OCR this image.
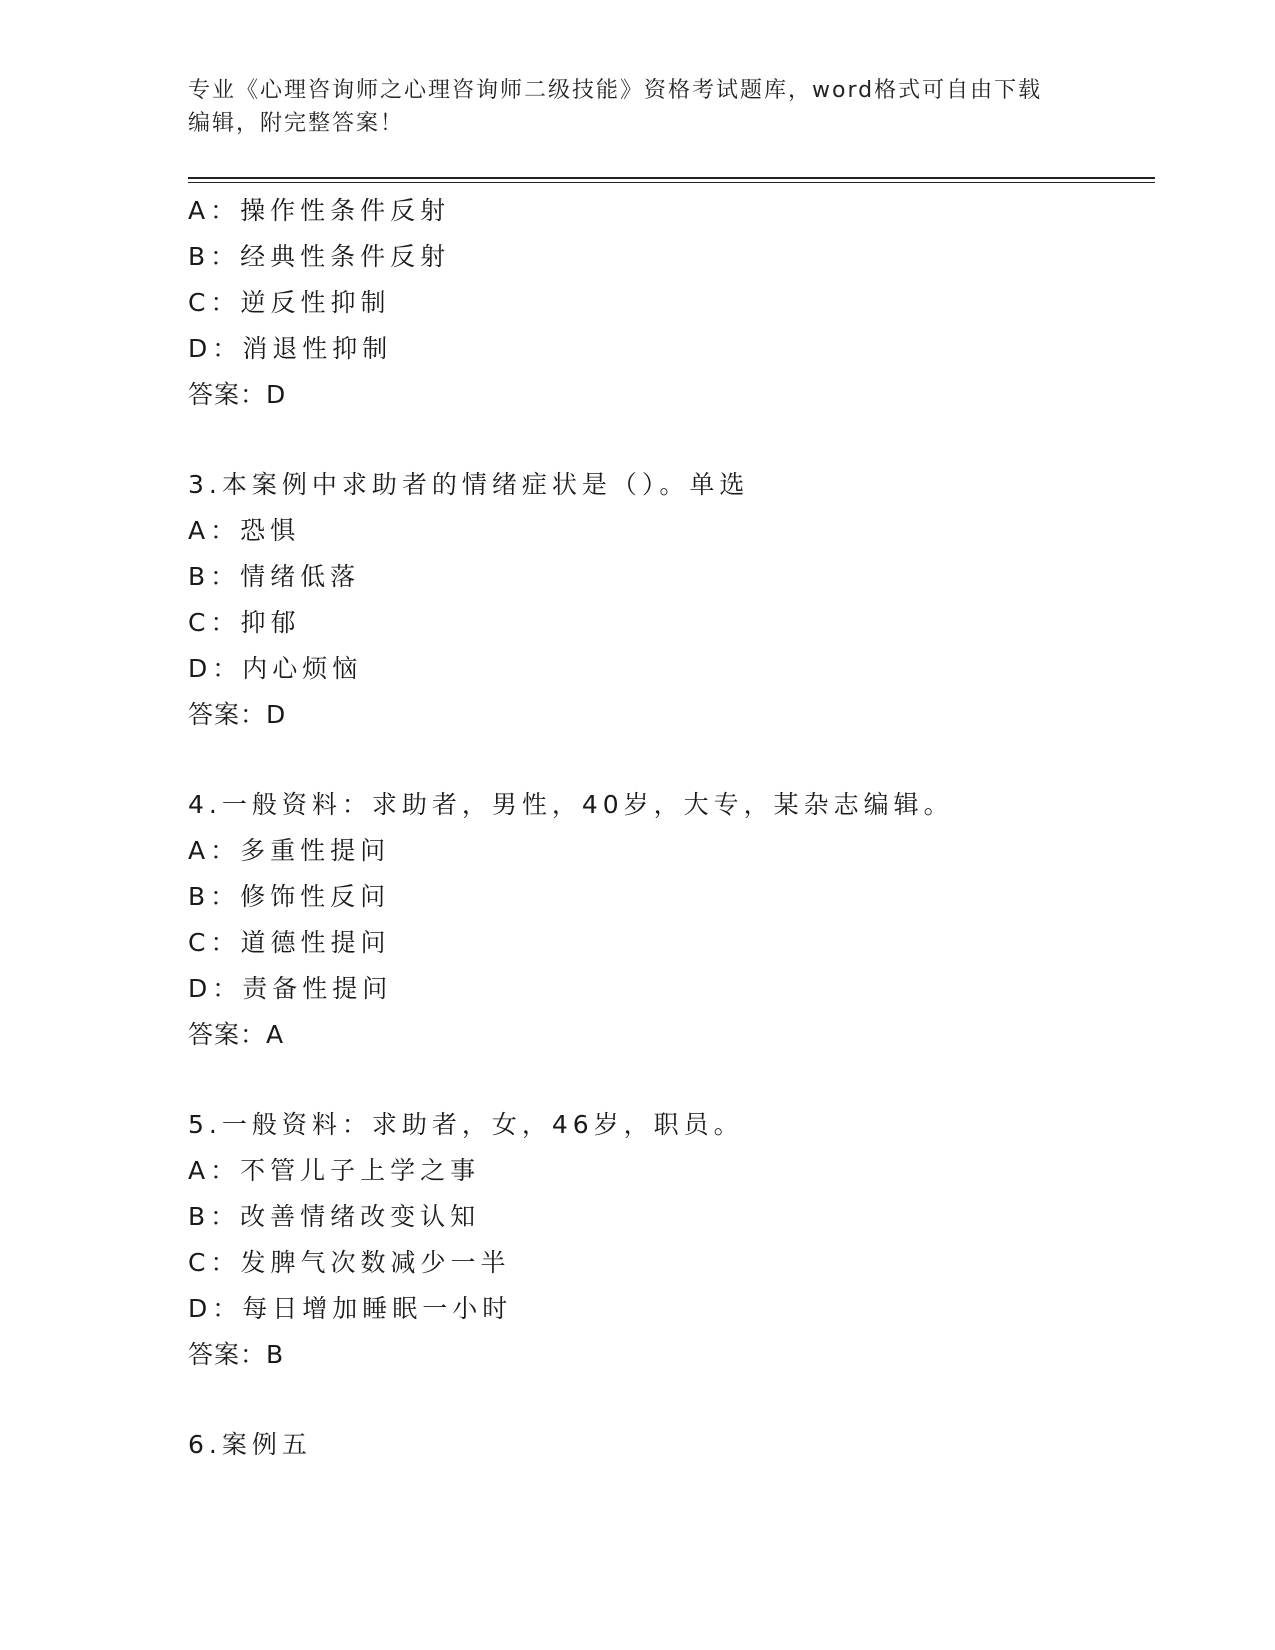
专业《心理咨询师之心理咨询师二级技能》资格考试题库，word格式可自由下载
编辑，附完整答案！
A：操作性条件反射
B：经典性条件反射
C：逆反性抑制
D：消退性抑制
答案：D
3.本案例中求助者的情绪症状是（）。单选
A：恐惧
B：情绪低落
C：抑郁
D：内心烦恼
答案：D
4.一般资料：求助者，男性，40岁，大专，某杂志编辑。
A：多重性提问
B：修饰性反问
C：道德性提问
D：责备性提问
答案：A
5.一般资料：求助者，女，46岁，职员。
A：不管儿子上学之事
B：改善情绪改变认知
C：发脾气次数减少一半
D：每日增加睡眠一小时
答案：B
6.案例五
